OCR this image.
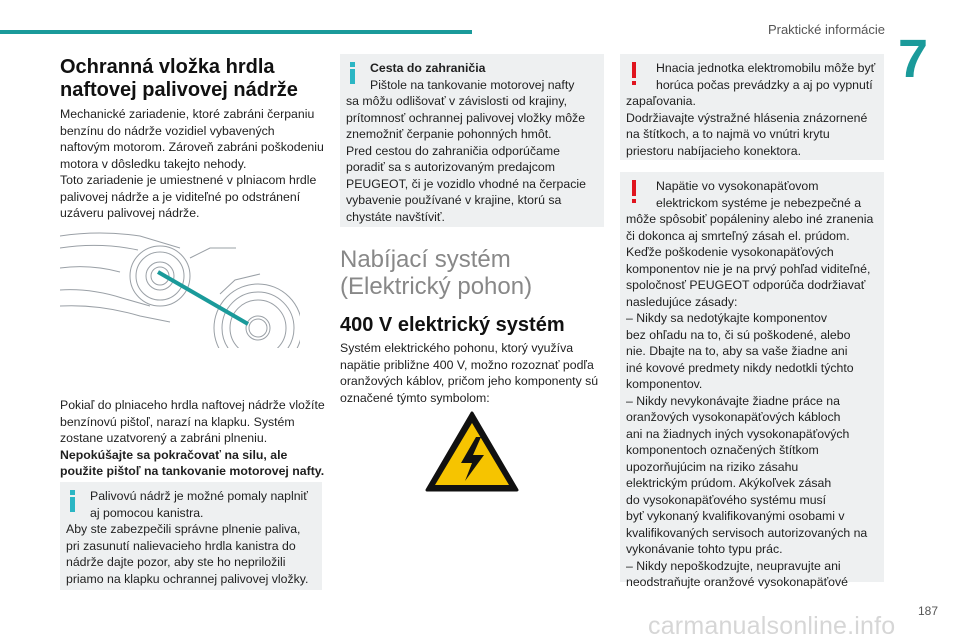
Praktické informácie 7
Ochranná vložka hrdla
naftovej palivovej nádrže

Mechanické zariadenie, ktoré zabráni čerpaniu

benzínu do nádrže vozidiel vybavených

naftovým motorom. Zároveň zabráni poškodeniu

motora v dôsledku takejto nehody.

Toto zariadenie je umiestnené v plniacom hrdle

palivovej nádrže a je viditeľné po odstránení

uzáveru palivovej nádrže.

Pokiaľ do plniaceho hrdla naftovej nádrže vložíte

benzínovú pištoľ, narazí na klapku. Systém

zostane uzatvorený a zabráni plneniu.

Nepokúšajte sa pokračovať na silu, ale

použite pištoľ na tankovanie motorovej nafty.

Palivovú nádrž je možné pomaly naplniť

aj pomocou kanistra.

Aby ste zabezpečili správne plnenie paliva,

pri zasunutí nalievacieho hrdla kanistra do

nádrže dajte pozor, aby ste ho nepriložili

priamo na klapku ochrannej palivovej vložky.

Cesta do zahraničia

Pištole na tankovanie motorovej nafty

sa môžu odlišovať v závislosti od krajiny,

prítomnosť ochrannej palivovej vložky môže

znemožniť čerpanie pohonných hmôt.

Pred cestou do zahraničia odporúčame

poradiť sa s autorizovaným predajcom

PEUGEOT, či je vozidlo vhodné na čerpacie

vybavenie používané v krajine, ktorú sa

chystáte navštíviť.

Nabíjací systém
(Elektrický pohon)
400 V elektrický systém

Systém elektrického pohonu, ktorý využíva

napätie približne 400 V, možno rozoznať podľa

oranžových káblov, pričom jeho komponenty sú

označené týmto symbolom:

Hnacia jednotka elektromobilu môže byť

horúca počas prevádzky a aj po vypnutí

zapaľovania.

Dodržiavajte výstražné hlásenia znázornené

na štítkoch, a to najmä vo vnútri krytu

priestoru nabíjacieho konektora.

Napätie vo vysokonapäťovom

elektrickom systéme je nebezpečné a

môže spôsobiť popáleniny alebo iné zranenia

či dokonca aj smrteľný zásah el. prúdom.

Keďže poškodenie vysokonapäťových

komponentov nie je na prvý pohľad viditeľné,

spoločnosť PEUGEOT odporúča dodržiavať

nasledujúce zásady:

– Nikdy sa nedotýkajte komponentov

bez ohľadu na to, či sú poškodené, alebo

nie. Dbajte na to, aby sa vaše žiadne ani

iné kovové predmety nikdy nedotkli týchto

komponentov.

– Nikdy nevykonávajte žiadne práce na

oranžových vysokonapäťových kábloch

ani na žiadnych iných vysokonapäťových

komponentoch označených štítkom

upozorňujúcim na riziko zásahu

elektrickým prúdom. Akýkoľvek zásah

do vysokonapäťového systému musí

byť vykonaný kvalifikovanými osobami v

kvalifikovaných servisoch autorizovaných na

vykonávanie tohto typu prác.

– Nikdy nepoškodzujte, neupravujte ani

neodstraňujte oranžové vysokonapäťové

187
carmanualsonline.info
